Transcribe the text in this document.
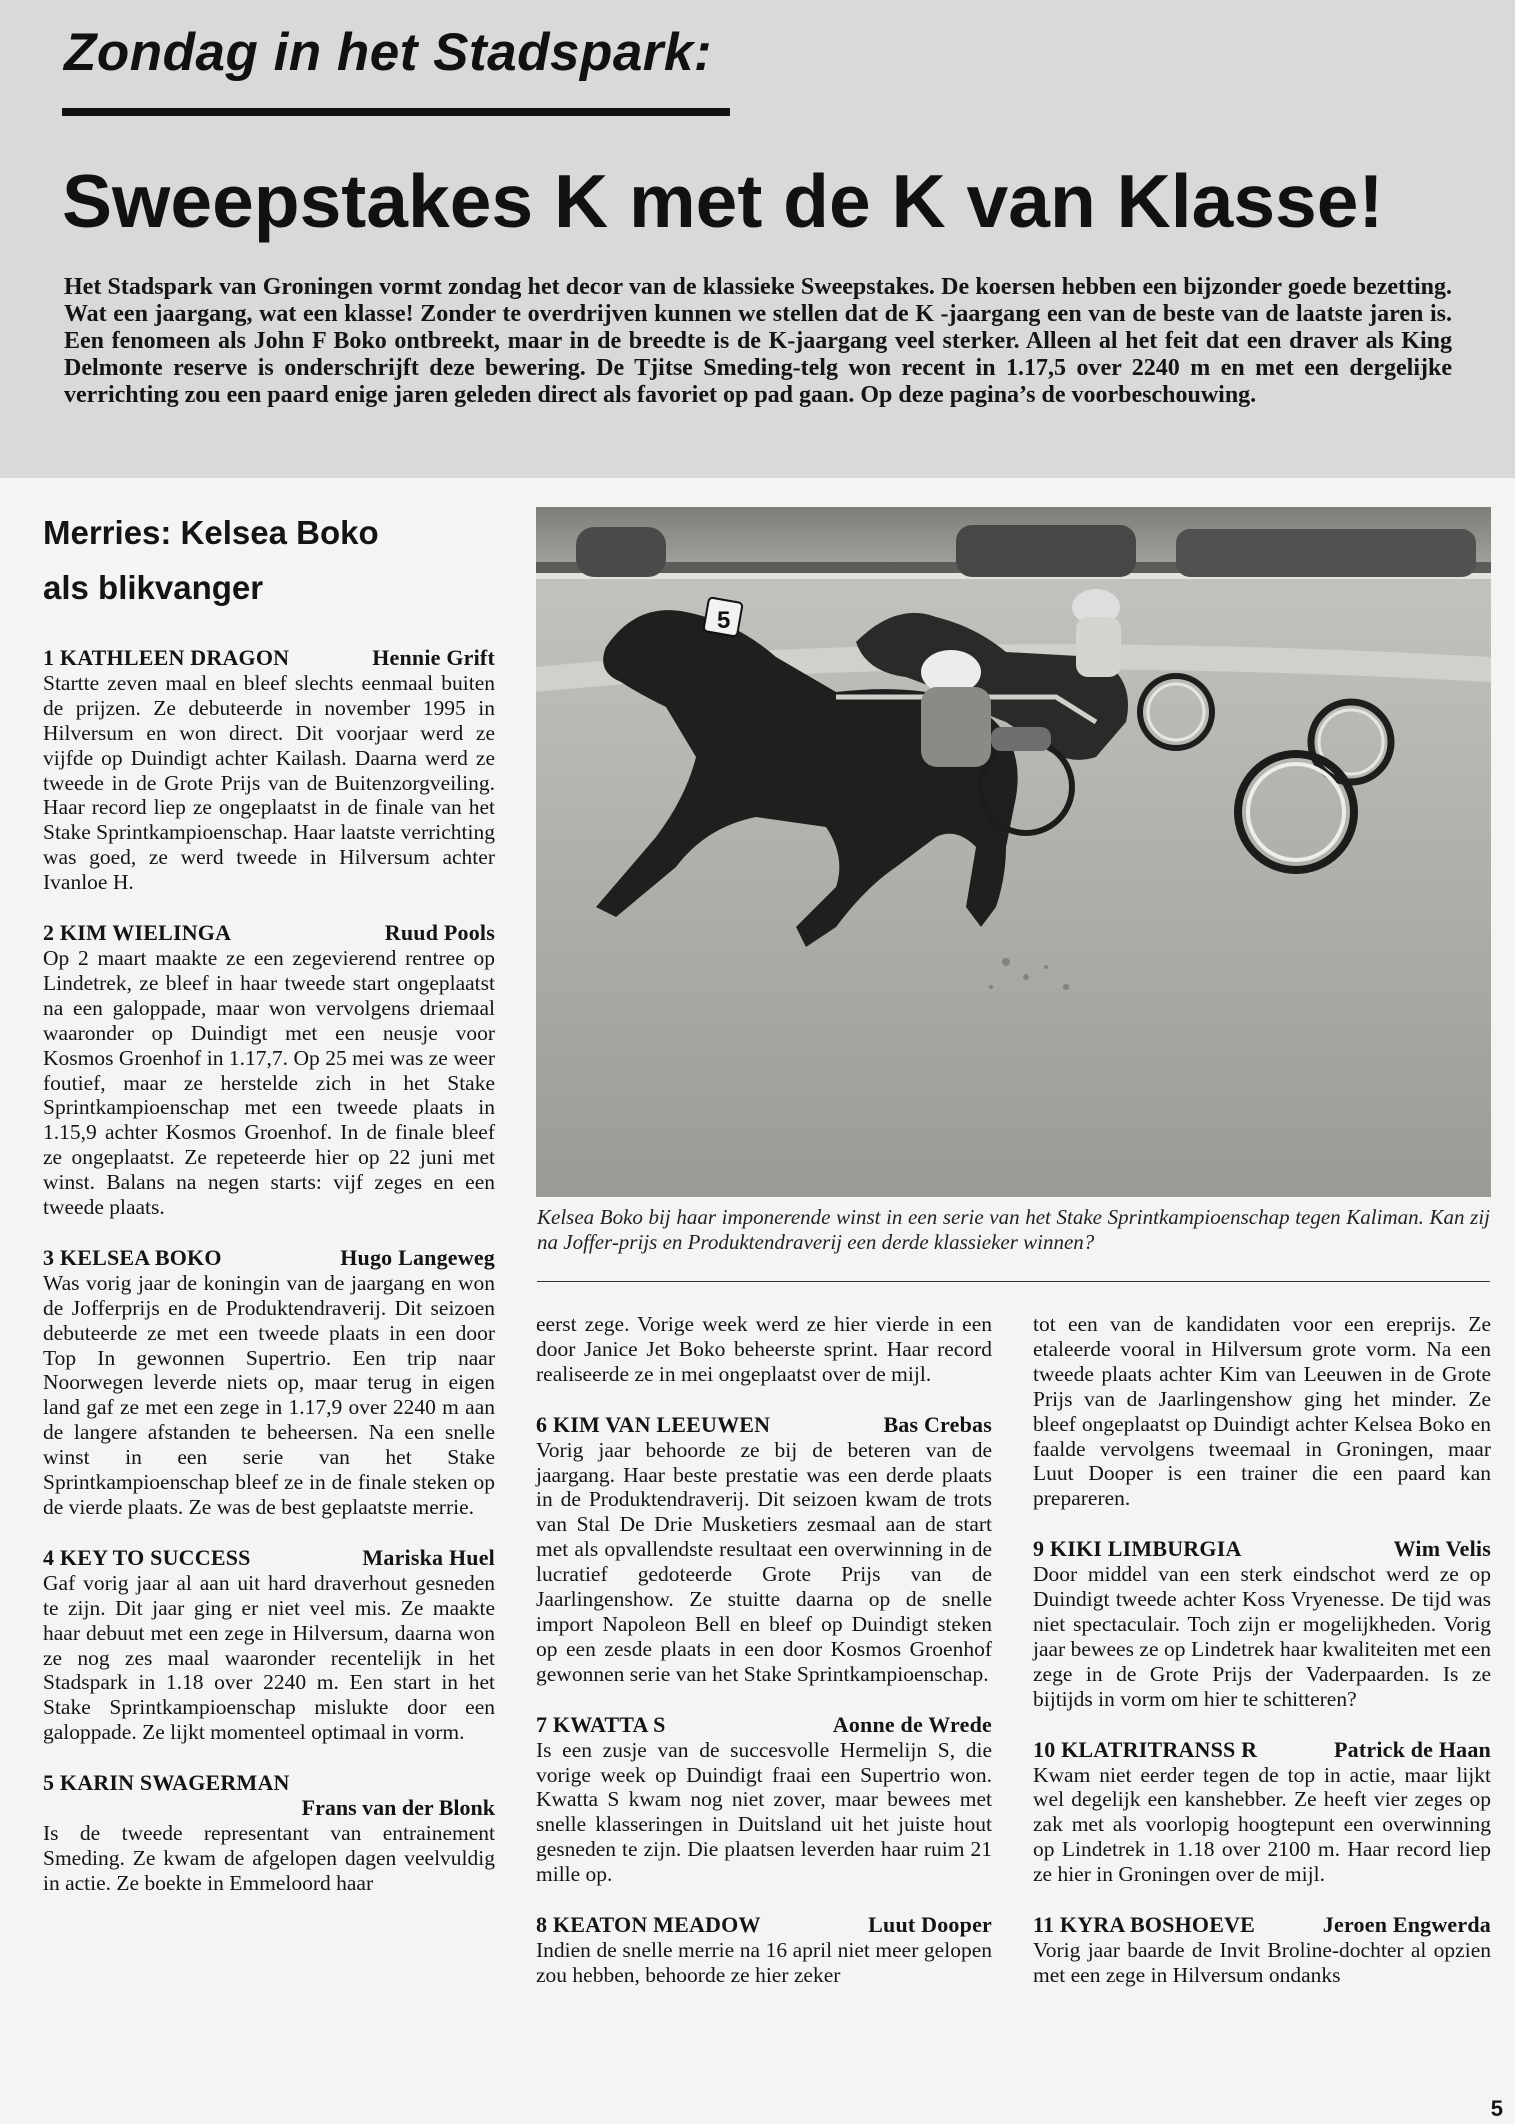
Zondag in het Stadspark:
Sweepstakes K met de K van Klasse!
Het Stadspark van Groningen vormt zondag het decor van de klassieke Sweepstakes. De koersen hebben een bijzonder goede bezetting. Wat een jaargang, wat een klasse! Zonder te overdrijven kunnen we stellen dat de K -jaargang een van de beste van de laatste jaren is. Een fenomeen als John F Boko ontbreekt, maar in de breedte is de K-jaargang veel sterker. Alleen al het feit dat een draver als King Delmonte reserve is onderschrijft deze bewering. De Tjitse Smeding-telg won recent in 1.17,5 over 2240 m en met een dergelijke verrichting zou een paard enige jaren geleden direct als favoriet op pad gaan. Op deze pagina’s de voorbeschouwing.
Merries: Kelsea Boko
als blikvanger
1 KATHLEEN DRAGON	Hennie Grift

Startte zeven maal en bleef slechts eenmaal buiten de prijzen. Ze debuteerde in november 1995 in Hilversum en won direct. Dit voorjaar werd ze vijfde op Duindigt achter Kailash. Daarna werd ze tweede in de Grote Prijs van de Buitenzorgveiling. Haar record liep ze ongeplaatst in de finale van het Stake Sprintkampioenschap. Haar laatste verrichting was goed, ze werd tweede in Hilversum achter Ivanloe H.

2 KIM WIELINGA	Ruud Pools

Op 2 maart maakte ze een zegevierend rentree op Lindetrek, ze bleef in haar tweede start ongeplaatst na een galoppade, maar won vervolgens driemaal waaronder op Duindigt met een neusje voor Kosmos Groenhof in 1.17,7. Op 25 mei was ze weer foutief, maar ze herstelde zich in het Stake Sprintkampioenschap met een tweede plaats in 1.15,9 achter Kosmos Groenhof. In de finale bleef ze ongeplaatst. Ze repeteerde hier op 22 juni met winst. Balans na negen starts: vijf zeges en een tweede plaats.

3 KELSEA BOKO	Hugo Langeweg

Was vorig jaar de koningin van de jaargang en won de Jofferprijs en de Produktendraverij. Dit seizoen debuteerde ze met een tweede plaats in een door Top In gewonnen Supertrio. Een trip naar Noorwegen leverde niets op, maar terug in eigen land gaf ze met een zege in 1.17,9 over 2240 m aan de langere afstanden te beheersen. Na een snelle winst in een serie van het Stake Sprintkampioenschap bleef ze in de finale steken op de vierde plaats. Ze was de best geplaatste merrie.

4 KEY TO SUCCESS	Mariska Huel

Gaf vorig jaar al aan uit hard draverhout gesneden te zijn. Dit jaar ging er niet veel mis. Ze maakte haar debuut met een zege in Hilversum, daarna won ze nog zes maal waaronder recentelijk in het Stadspark in 1.18 over 2240 m. Een start in het Stake Sprintkampioenschap mislukte door een galoppade. Ze lijkt momenteel optimaal in vorm.

5 KARIN SWAGERMAN
Frans van der Blonk

Is de tweede representant van entrainement Smeding. Ze kwam de afgelopen dagen veelvuldig in actie. Ze boekte in Emmeloord haar

5
Kelsea Boko bij haar imponerende winst in een serie van het Stake Sprintkampioenschap tegen Kaliman. Kan zij na Joffer-prijs en Produktendraverij een derde klassieker winnen?

eerst zege. Vorige week werd ze hier vierde in een door Janice Jet Boko beheerste sprint. Haar record realiseerde ze in mei ongeplaatst over de mijl.

6 KIM VAN LEEUWEN	Bas Crebas

Vorig jaar behoorde ze bij de beteren van de jaargang. Haar beste prestatie was een derde plaats in de Produktendraverij. Dit seizoen kwam de trots van Stal De Drie Musketiers zesmaal aan de start met als opvallendste resultaat een overwinning in de lucratief gedoteerde Grote Prijs van de Jaarlingenshow. Ze stuitte daarna op de snelle import Napoleon Bell en bleef op Duindigt steken op een zesde plaats in een door Kosmos Groenhof gewonnen serie van het Stake Sprintkampioenschap.

7 KWATTA S	Aonne de Wrede

Is een zusje van de succesvolle Hermelijn S, die vorige week op Duindigt fraai een Supertrio won. Kwatta S kwam nog niet zover, maar bewees met snelle klasseringen in Duitsland uit het juiste hout gesneden te zijn. Die plaatsen leverden haar ruim 21 mille op.

8 KEATON MEADOW	Luut Dooper

Indien de snelle merrie na 16 april niet meer gelopen zou hebben, behoorde ze hier zeker

tot een van de kandidaten voor een ereprijs. Ze etaleerde vooral in Hilversum grote vorm. Na een tweede plaats achter Kim van Leeuwen in de Grote Prijs van de Jaarlingenshow ging het minder. Ze bleef ongeplaatst op Duindigt achter Kelsea Boko en faalde vervolgens tweemaal in Groningen, maar Luut Dooper is een trainer die een paard kan prepareren.

9 KIKI LIMBURGIA	Wim Velis

Door middel van een sterk eindschot werd ze op Duindigt tweede achter Koss Vryenesse. De tijd was niet spectaculair. Toch zijn er mogelijkheden. Vorig jaar bewees ze op Lindetrek haar kwaliteiten met een zege in de Grote Prijs der Vaderpaarden. Is ze bijtijds in vorm om hier te schitteren?

10 KLATRITRANSS R	Patrick de Haan

Kwam niet eerder tegen de top in actie, maar lijkt wel degelijk een kanshebber. Ze heeft vier zeges op zak met als voorlopig hoogtepunt een overwinning op Lindetrek in 1.18 over 2100 m. Haar record liep ze hier in Groningen over de mijl.

11 KYRA BOSHOEVE	Jeroen Engwerda

Vorig jaar baarde de Invit Broline-dochter al opzien met een zege in Hilversum ondanks

5
